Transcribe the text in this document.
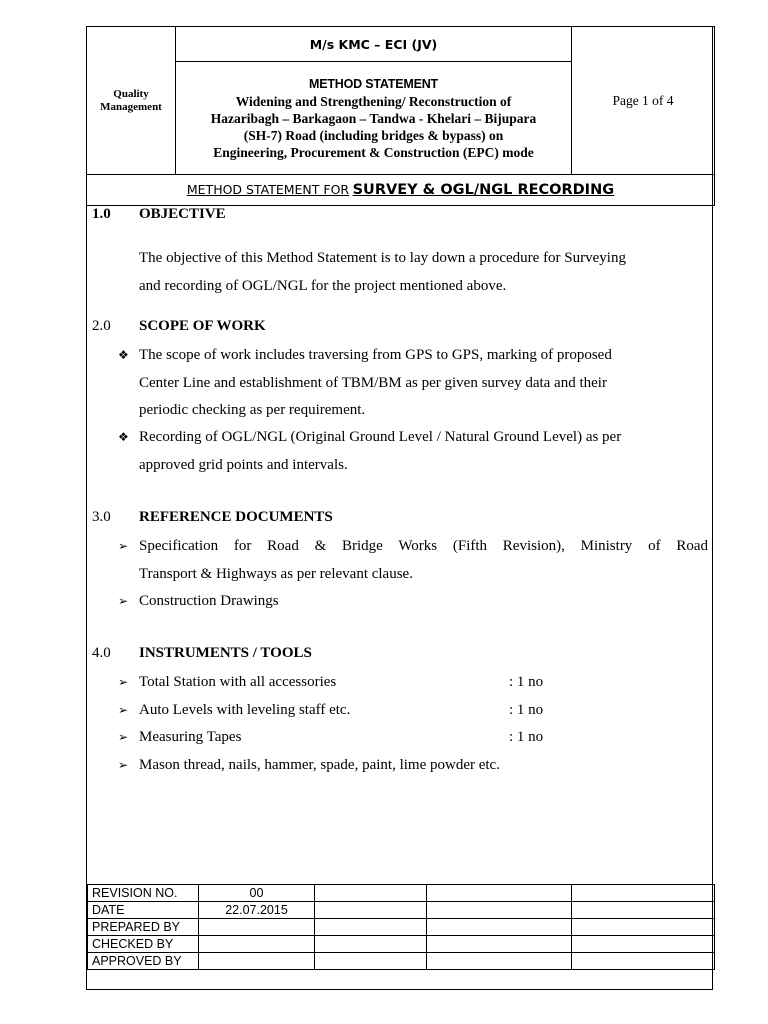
Quality Management	M/s KMC – ECI (JV)	Page 1 of 4

METHOD STATEMENT
Widening and Strengthening/ Reconstruction of
Hazaribagh – Barkagaon – Tandwa - Khelari – Bijupara
(SH-7) Road (including bridges & bypass) on
Engineering, Procurement & Construction (EPC) mode

METHOD STATEMENT FOR SURVEY & OGL/NGL RECORDING
1.0 OBJECTIVE
The objective of this Method Statement is to lay down a procedure for Surveying
and recording of OGL/NGL for the project mentioned above.
2.0 SCOPE OF WORK
❖ The scope of work includes traversing from GPS to GPS, marking of proposed
Center Line and establishment of TBM/BM as per given survey data and their
periodic checking as per requirement.
❖ Recording of OGL/NGL (Original Ground Level / Natural Ground Level) as per
approved grid points and intervals.
3.0 REFERENCE DOCUMENTS
➢ Specification for Road & Bridge Works (Fifth Revision), Ministry of Road
Transport & Highways as per relevant clause.
➢ Construction Drawings
4.0 INSTRUMENTS / TOOLS
➢ Total Station with all accessories	: 1 no
➢ Auto Levels with leveling staff etc.	: 1 no
➢ Measuring Tapes	: 1 no
➢ Mason thread, nails, hammer, spade, paint, lime powder etc.
REVISION NO.	00			
DATE	22.07.2015			
PREPARED BY				
CHECKED BY				
APPROVED BY				
